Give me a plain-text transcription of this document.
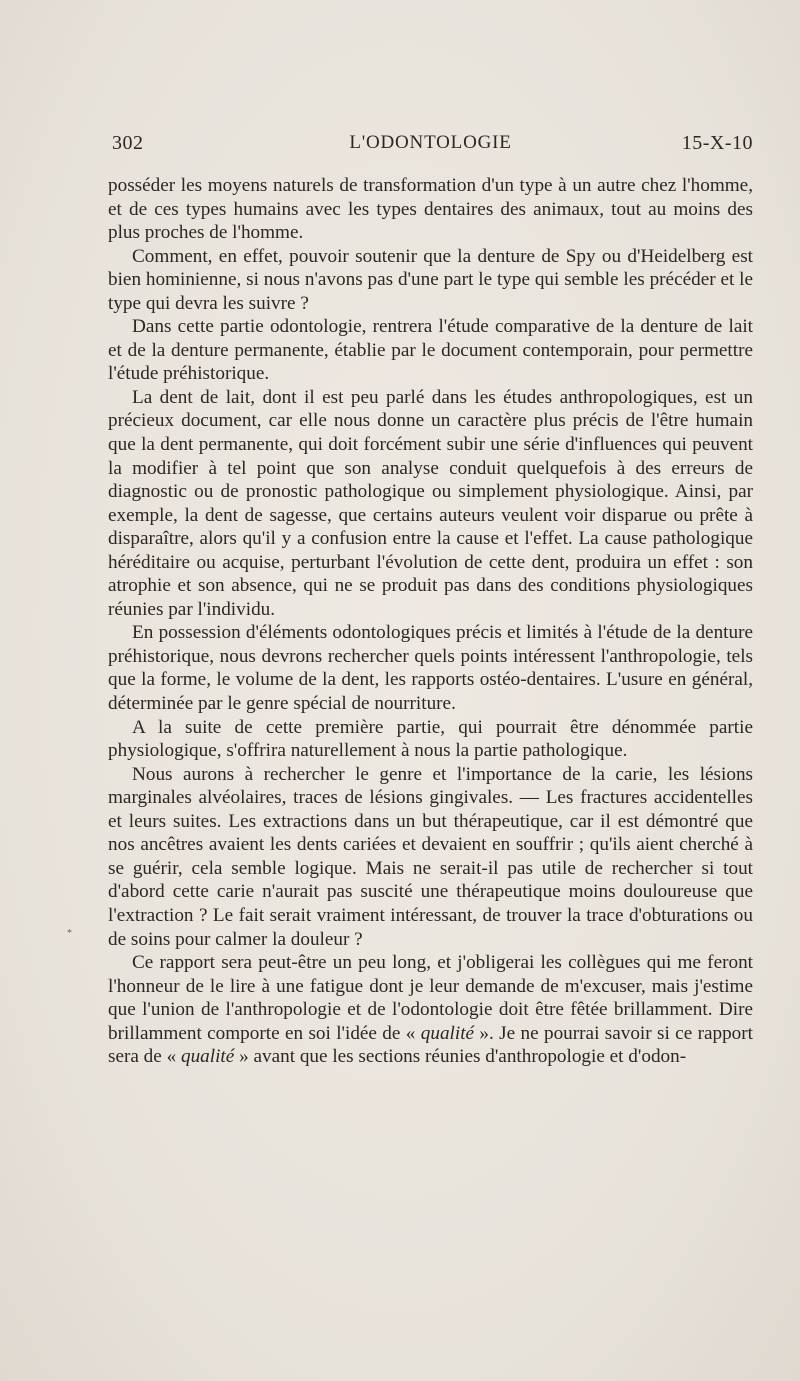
302	L'ODONTOLOGIE	15-X-10
*

posséder les moyens naturels de transformation d'un type à un autre chez l'homme, et de ces types humains avec les types dentaires des animaux, tout au moins des plus proches de l'homme.

Comment, en effet, pouvoir soutenir que la denture de Spy ou d'Heidelberg est bien hominienne, si nous n'avons pas d'une part le type qui semble les précéder et le type qui devra les suivre ?

Dans cette partie odontologie, rentrera l'étude comparative de la denture de lait et de la denture permanente, établie par le document contemporain, pour permettre l'étude préhistorique.

La dent de lait, dont il est peu parlé dans les études anthropologiques, est un précieux document, car elle nous donne un caractère plus précis de l'être humain que la dent permanente, qui doit forcément subir une série d'influences qui peuvent la modifier à tel point que son analyse conduit quelquefois à des erreurs de diagnostic ou de pronostic pathologique ou simplement physiologique. Ainsi, par exemple, la dent de sagesse, que certains auteurs veulent voir disparue ou prête à disparaître, alors qu'il y a confusion entre la cause et l'effet. La cause pathologique héréditaire ou acquise, perturbant l'évolution de cette dent, produira un effet : son atrophie et son absence, qui ne se produit pas dans des conditions physiologiques réunies par l'individu.

En possession d'éléments odontologiques précis et limités à l'étude de la denture préhistorique, nous devrons rechercher quels points intéressent l'anthropologie, tels que la forme, le volume de la dent, les rapports ostéo-dentaires. L'usure en général, déterminée par le genre spécial de nourriture.

A la suite de cette première partie, qui pourrait être dénommée partie physiologique, s'offrira naturellement à nous la partie pathologique.

Nous aurons à rechercher le genre et l'importance de la carie, les lésions marginales alvéolaires, traces de lésions gingivales. — Les fractures accidentelles et leurs suites. Les extractions dans un but thérapeutique, car il est démontré que nos ancêtres avaient les dents cariées et devaient en souffrir ; qu'ils aient cherché à se guérir, cela semble logique. Mais ne serait-il pas utile de rechercher si tout d'abord cette carie n'aurait pas suscité une thérapeutique moins douloureuse que l'extraction ? Le fait serait vraiment intéressant, de trouver la trace d'obturations ou de soins pour calmer la douleur ?

Ce rapport sera peut-être un peu long, et j'obligerai les collègues qui me feront l'honneur de le lire à une fatigue dont je leur demande de m'excuser, mais j'estime que l'union de l'anthropologie et de l'odontologie doit être fêtée brillamment. Dire brillamment comporte en soi l'idée de « qualité ». Je ne pourrai savoir si ce rapport sera de « qualité » avant que les sections réunies d'anthropologie et d'odon-
